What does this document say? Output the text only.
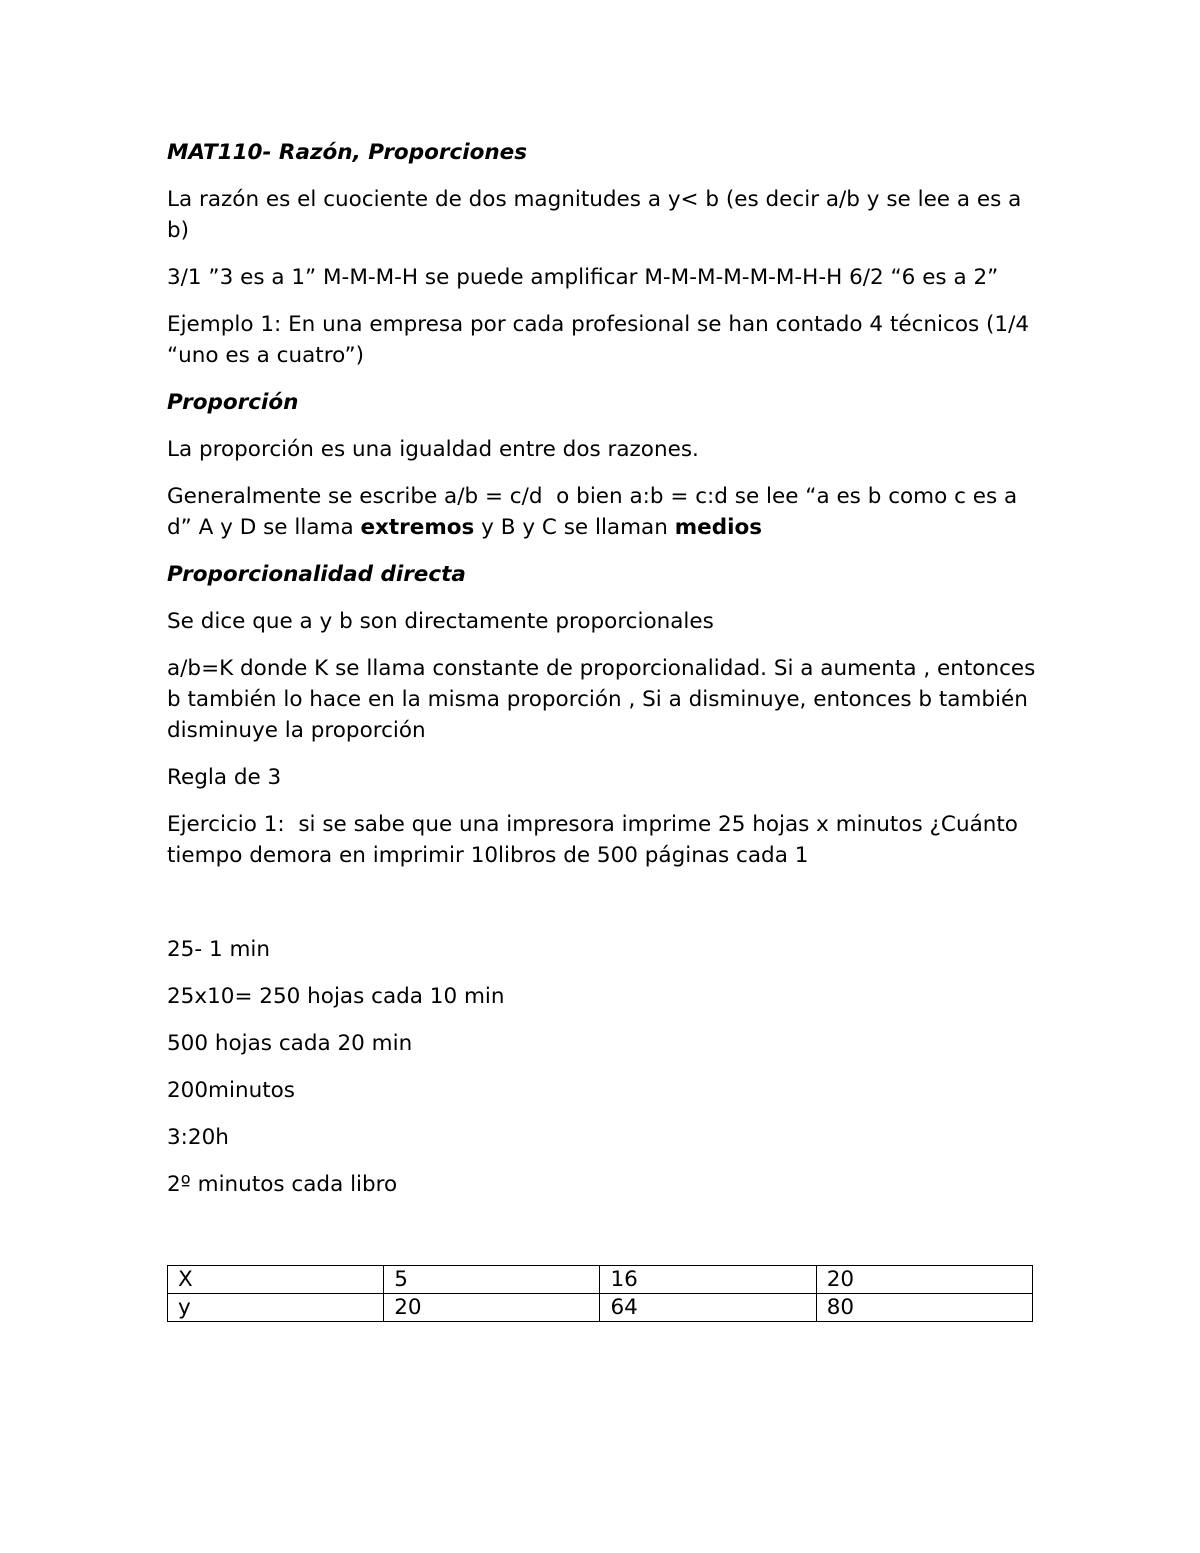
MAT110- Razón, Proporciones
La razón es el cuociente de dos magnitudes a y< b (es decir a/b y se lee a es a b)
3/1 ”3 es a 1” M-M-M-H se puede amplificar M-M-M-M-M-M-H-H 6/2 “6 es a 2”
Ejemplo 1: En una empresa por cada profesional se han contado 4 técnicos (1/4 “uno es a cuatro”)
Proporción
La proporción es una igualdad entre dos razones.
Generalmente se escribe a/b = c/d  o bien a:b = c:d se lee “a es b como c es a d” A y D se llama extremos y B y C se llaman medios
Proporcionalidad directa
Se dice que a y b son directamente proporcionales
a/b=K donde K se llama constante de proporcionalidad. Si a aumenta , entonces b también lo hace en la misma proporción , Si a disminuye, entonces b también disminuye la proporción
Regla de 3
Ejercicio 1:  si se sabe que una impresora imprime 25 hojas x minutos ¿Cuánto tiempo demora en imprimir 10libros de 500 páginas cada 1
25- 1 min
25x10= 250 hojas cada 10 min
500 hojas cada 20 min
200minutos
3:20h
2º minutos cada libro
X	5	16	20
y	20	64	80
